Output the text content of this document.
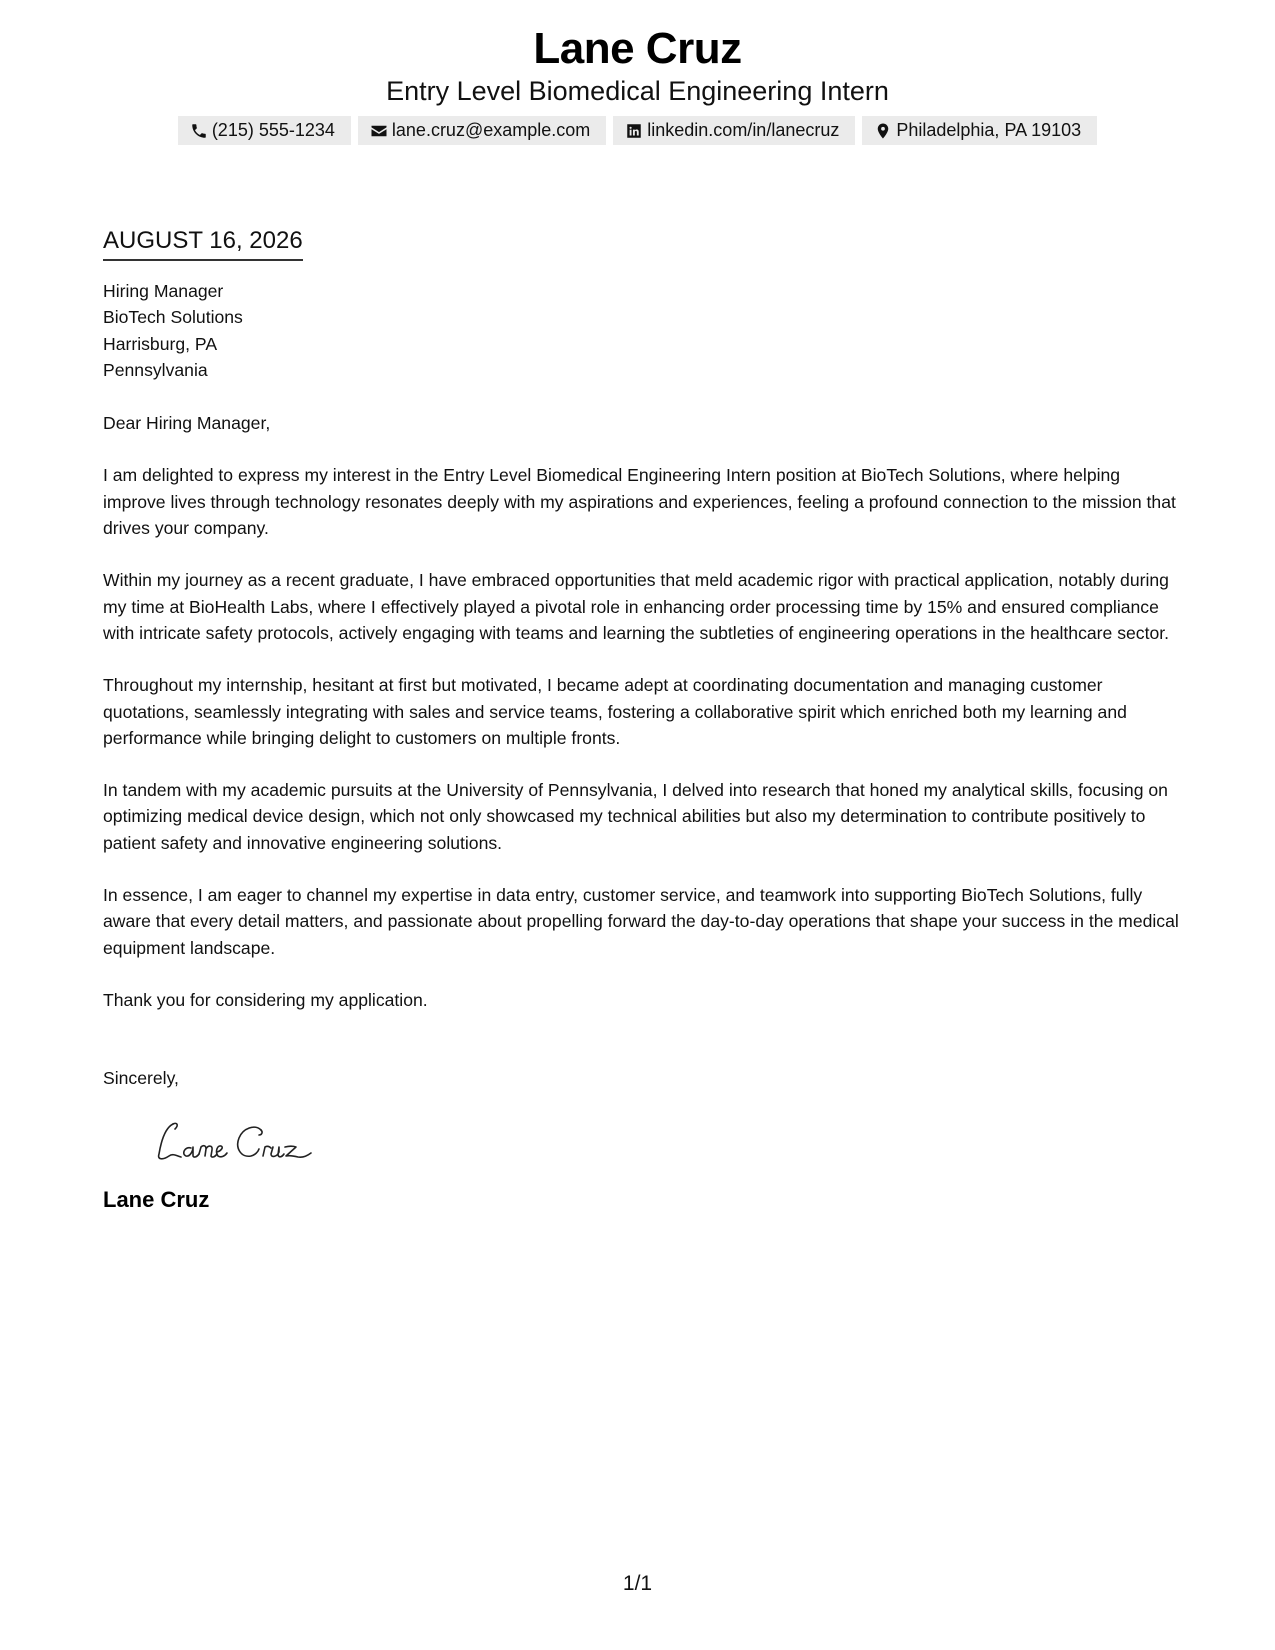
Lane Cruz
Entry Level Biomedical Engineering Intern
(215) 555-1234	lane.cruz@example.com	linkedin.com/in/lanecruz	Philadelphia, PA 19103
AUGUST 16, 2026
Hiring Manager
BioTech Solutions
Harrisburg, PA
Pennsylvania
Dear Hiring Manager,
I am delighted to express my interest in the Entry Level Biomedical Engineering Intern position at BioTech Solutions, where helping improve lives through technology resonates deeply with my aspirations and experiences, feeling a profound connection to the mission that drives your company.
Within my journey as a recent graduate, I have embraced opportunities that meld academic rigor with practical application, notably during my time at BioHealth Labs, where I effectively played a pivotal role in enhancing order processing time by 15% and ensured compliance with intricate safety protocols, actively engaging with teams and learning the subtleties of engineering operations in the healthcare sector.
Throughout my internship, hesitant at first but motivated, I became adept at coordinating documentation and managing customer quotations, seamlessly integrating with sales and service teams, fostering a collaborative spirit which enriched both my learning and performance while bringing delight to customers on multiple fronts.
In tandem with my academic pursuits at the University of Pennsylvania, I delved into research that honed my analytical skills, focusing on optimizing medical device design, which not only showcased my technical abilities but also my determination to contribute positively to patient safety and innovative engineering solutions.
In essence, I am eager to channel my expertise in data entry, customer service, and teamwork into supporting BioTech Solutions, fully aware that every detail matters, and passionate about propelling forward the day-to-day operations that shape your success in the medical equipment landscape.
Thank you for considering my application.
Sincerely,
Lane Cruz
1/1
